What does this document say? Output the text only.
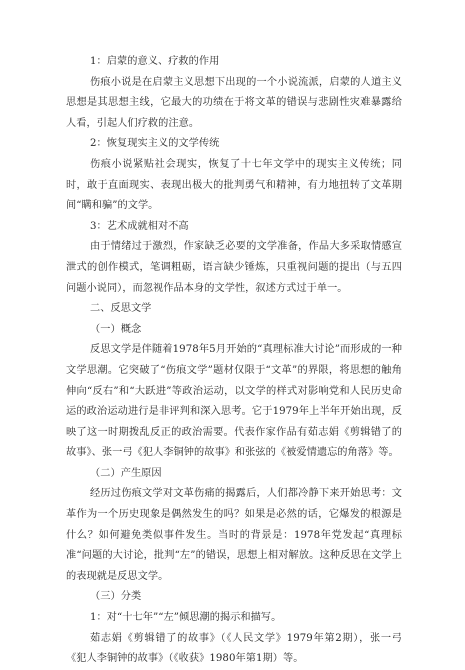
1：启蒙的意义、疗救的作用

伤痕小说是在启蒙主义思想下出现的一个小说流派，启蒙的人道主义思想是其思想主线，它最大的功绩在于将文革的错误与悲剧性灾难暴露给人看，引起人们疗救的注意。

2：恢复现实主义的文学传统

伤痕小说紧贴社会现实，恢复了十七年文学中的现实主义传统；同时，敢于直面现实、表现出极大的批判勇气和精神，有力地扭转了文革期间“瞒和骗”的文学。

3：艺术成就相对不高

由于情绪过于激烈，作家缺乏必要的文学准备，作品大多采取情感宣泄式的创作模式，笔调粗砺，语言缺少锤炼，只重视问题的提出（与五四问题小说同），而忽视作品本身的文学性，叙述方式过于单一。

二、反思文学

（一）概念

反思文学是伴随着1978年5月开始的“真理标准大讨论”而形成的一种文学思潮。它突破了“伤痕文学”题材仅限于“文革”的界限，将思想的触角伸向“反右”和“大跃进”等政治运动，以文学的样式对影响党和人民历史命运的政治运动进行是非评判和深入思考。它于1979年上半年开始出现，反映了这一时期拨乱反正的政治需要。代表作家作品有茹志娟《剪辑错了的故事》、张一弓《犯人李铜钟的故事》和张弦的《被爱情遗忘的角落》等。

（二）产生原因

经历过伤痕文学对文革伤痛的揭露后，人们都冷静下来开始思考：文革作为一个历史现象是偶然发生的吗？如果是必然的话，它爆发的根源是什么？如何避免类似事件发生。当时的背景是：1978年党发起“真理标准“问题的大讨论，批判“左”的错误，思想上相对解放。这种反思在文学上的表现就是反思文学。

（三）分类

1：对“十七年”“左”倾思潮的揭示和描写。

茹志娟《剪辑错了的故事》（《人民文学》1979年第2期），张一弓《犯人李铜钟的故事》（《收获》1980年第1期）等。
